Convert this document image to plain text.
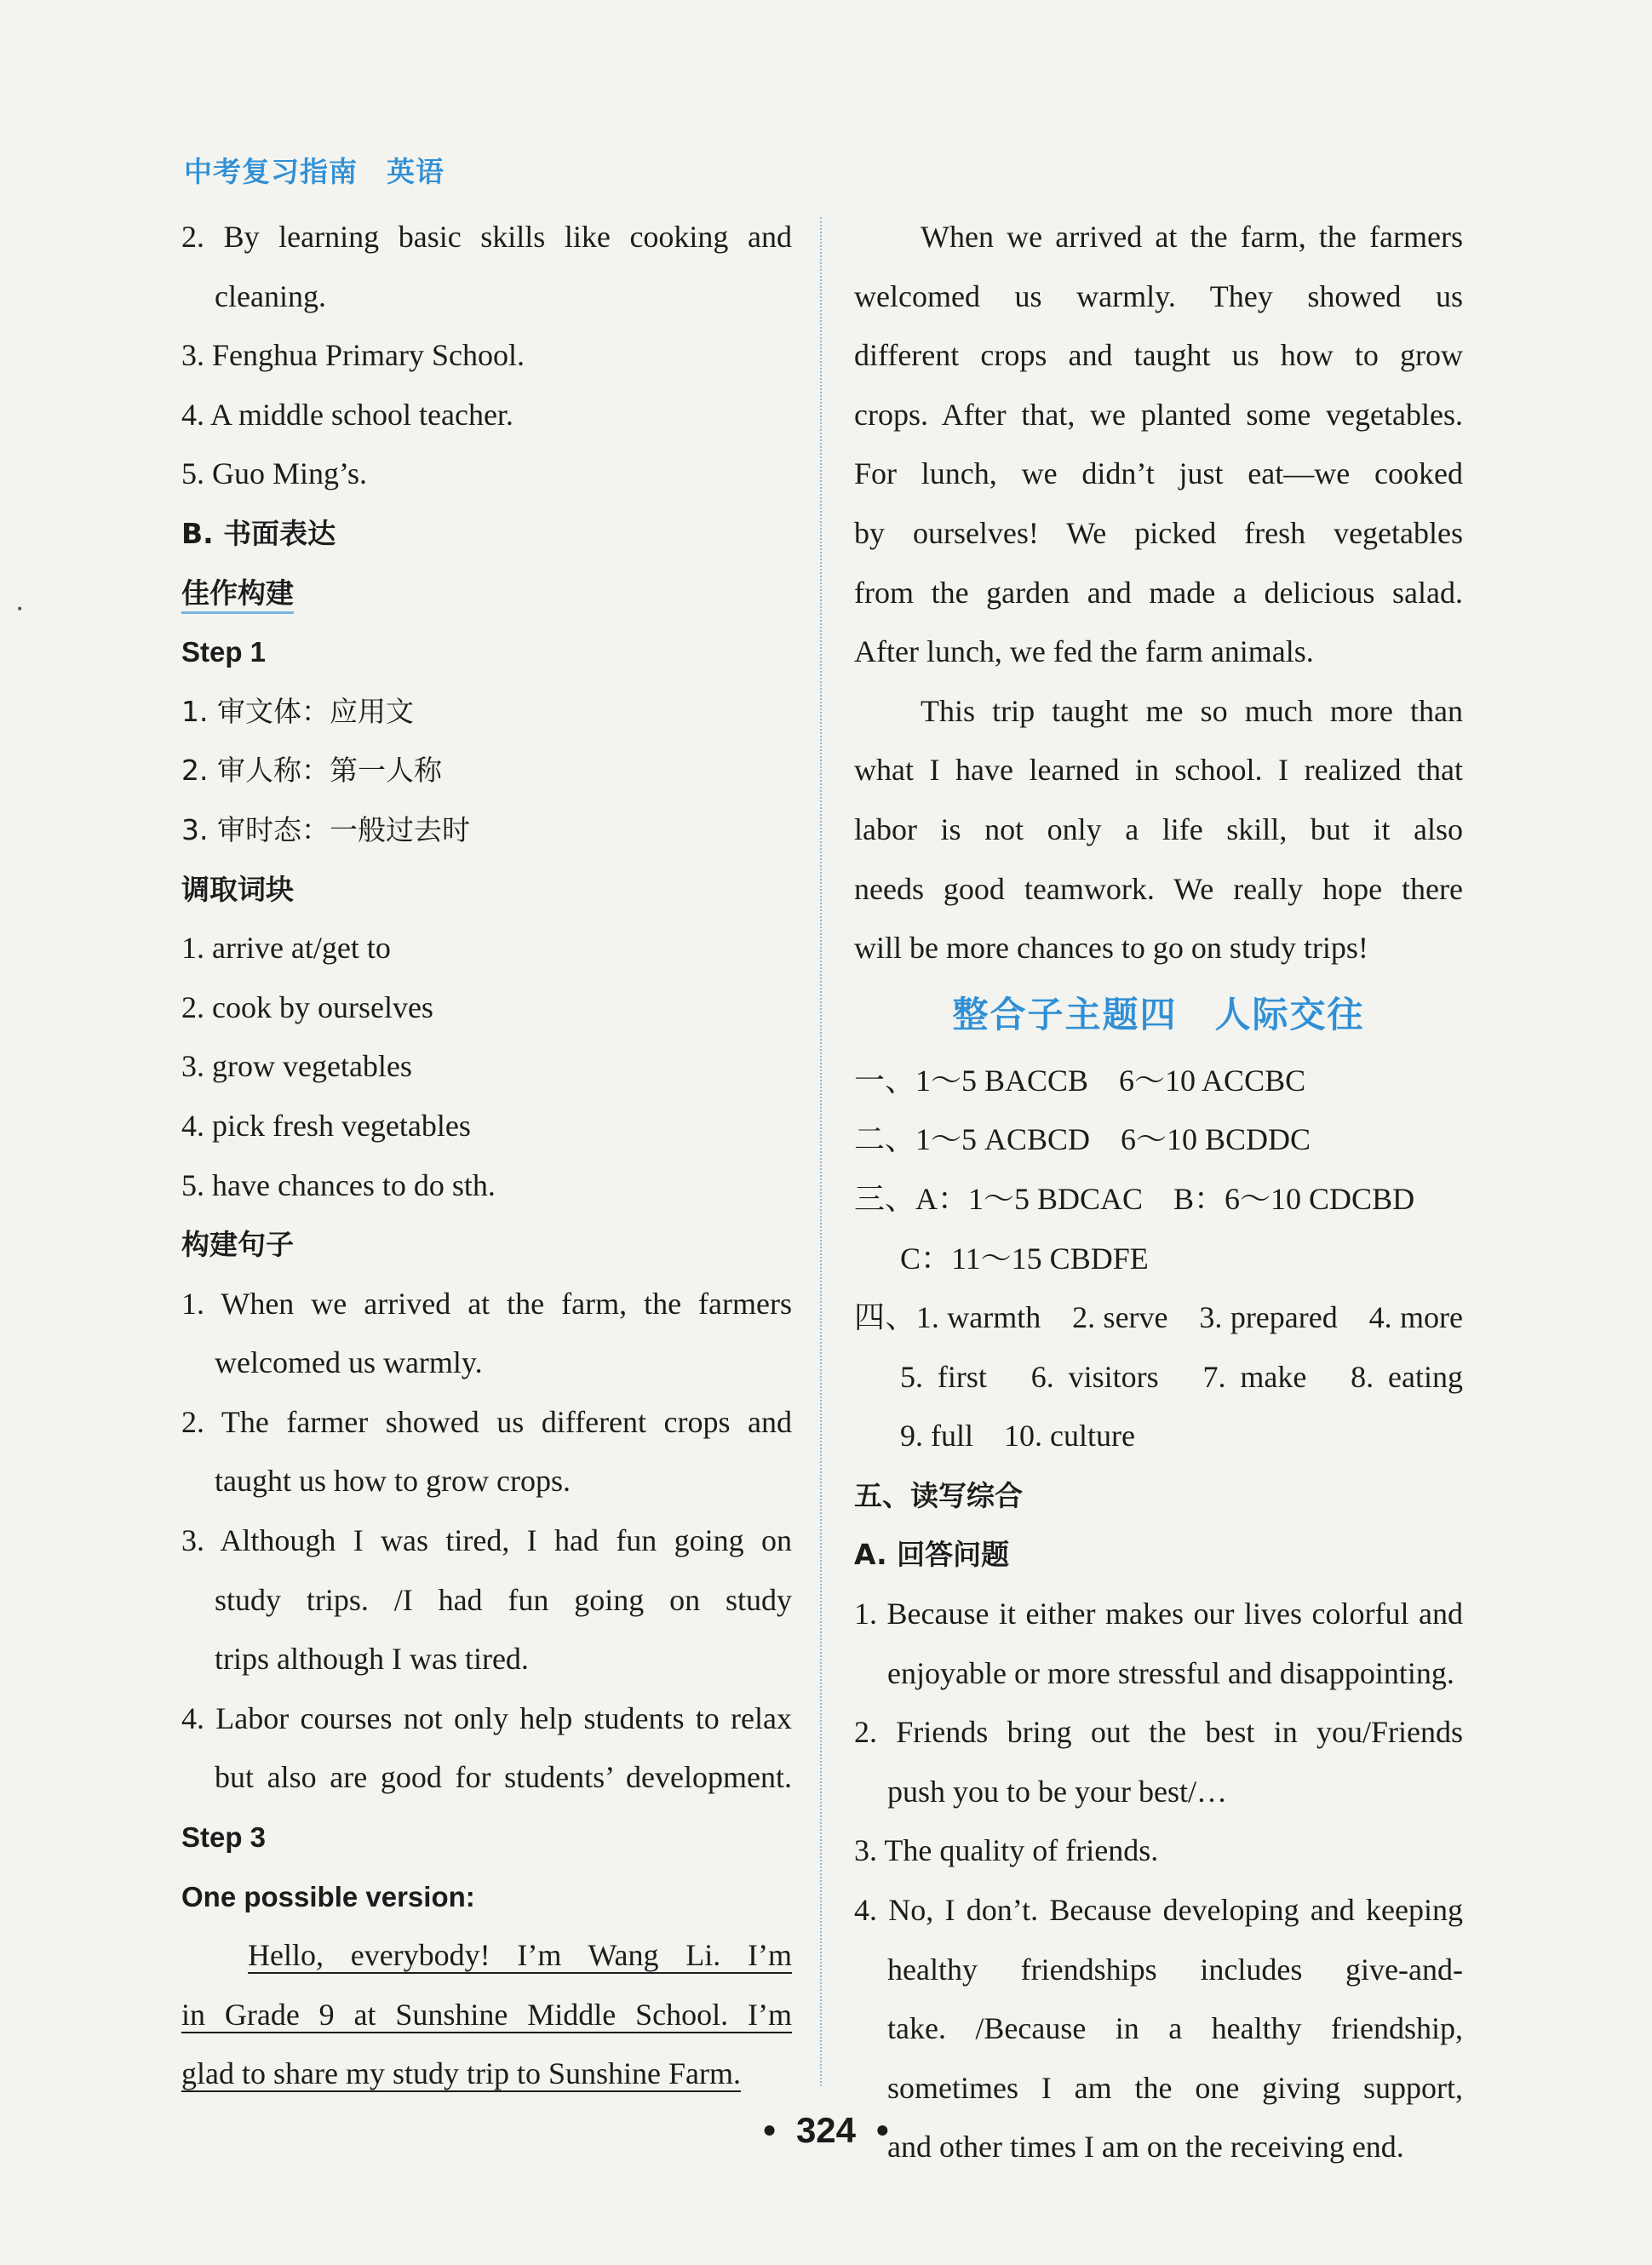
中考复习指南 英语
•
2. By learning basic skills like cooking and
cleaning.
3. Fenghua Primary School.
4. A middle school teacher.
5. Guo Ming’s.
B. 书面表达
佳作构建
Step 1
1. 审文体：应用文
2. 审人称：第一人称
3. 审时态：一般过去时
调取词块
1. arrive at/get to
2. cook by ourselves
3. grow vegetables
4. pick fresh vegetables
5. have chances to do sth.
构建句子
1. When we arrived at the farm, the farmers
welcomed us warmly.
2. The farmer showed us different crops and
taught us how to grow crops.
3. Although I was tired, I had fun going on
study trips. /I had fun going on study
trips although I was tired.
4. Labor courses not only help students to relax
but also are good for students’ development.
Step 3
One possible version:
Hello, everybody! I’m Wang Li. I’m
in Grade 9 at Sunshine Middle School. I’m
glad to share my study trip to Sunshine Farm.
When we arrived at the farm, the farmers
welcomed us warmly. They showed us
different crops and taught us how to grow
crops. After that, we planted some vegetables.
For lunch, we didn’t just eat—we cooked
by ourselves! We picked fresh vegetables
from the garden and made a delicious salad.
After lunch, we fed the farm animals.
This trip taught me so much more than
what I have learned in school. I realized that
labor is not only a life skill, but it also
needs good teamwork. We really hope there
will be more chances to go on study trips!
整合子主题四　人际交往
一、1～5 BACCB　6～10 ACCBC
二、1～5 ACBCD　6～10 BCDDC
三、A：1～5 BDCAC　B：6～10 CDCBD
C：11～15 CBDFE
四、1. warmth　2. serve　3. prepared　4. more
5. first　6. visitors　7. make　8. eating
9. full　10. culture
五、读写综合
A. 回答问题
1. Because it either makes our lives colorful and
enjoyable or more stressful and disappointing.
2. Friends bring out the best in you/Friends
push you to be your best/…
3. The quality of friends.
4. No, I don’t. Because developing and keeping
healthy friendships includes give-and-
take. /Because in a healthy friendship,
sometimes I am the one giving support,
and other times I am on the receiving end.
• 324 •
